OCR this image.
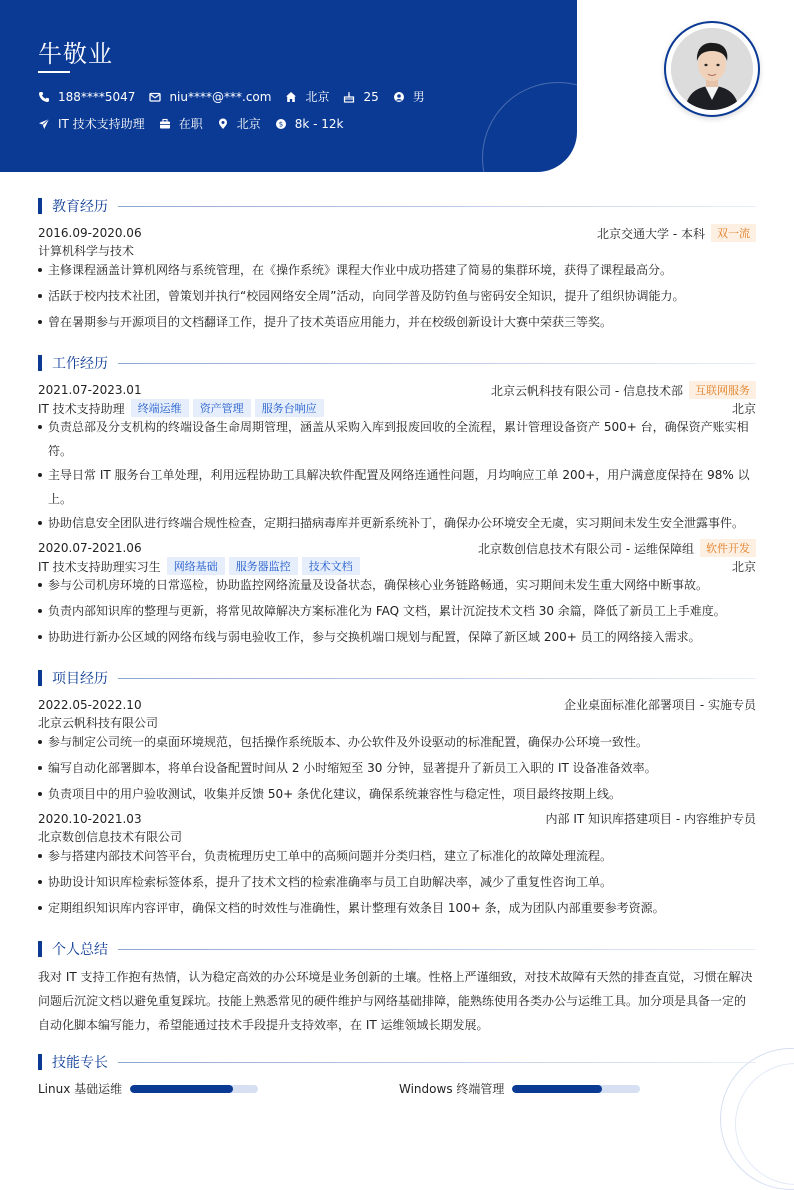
牛敬业
188****5047	niu****@***.com	北京	25	男
IT 技术支持助理	在职	北京	$ 8k - 12k
教育经历
2016.09-2020.06	北京交通大学 - 本科	双一流
计算机科学与技术
主修课程涵盖计算机网络与系统管理，在《操作系统》课程大作业中成功搭建了简易的集群环境，获得了课程最高分。
活跃于校内技术社团，曾策划并执行“校园网络安全周”活动，向同学普及防钓鱼与密码安全知识，提升了组织协调能力。
曾在暑期参与开源项目的文档翻译工作，提升了技术英语应用能力，并在校级创新设计大赛中荣获三等奖。
工作经历
2021.07-2023.01	北京云帆科技有限公司 - 信息技术部	互联网服务
IT 技术支持助理	终端运维	资产管理	服务台响应	北京
负责总部及分支机构的终端设备生命周期管理，涵盖从采购入库到报废回收的全流程，累计管理设备资产 500+ 台，确保资产账实相符。
主导日常 IT 服务台工单处理，利用远程协助工具解决软件配置及网络连通性问题，月均响应工单 200+，用户满意度保持在 98% 以上。
协助信息安全团队进行终端合规性检查，定期扫描病毒库并更新系统补丁，确保办公环境安全无虞，实习期间未发生安全泄露事件。
2020.07-2021.06	北京数创信息技术有限公司 - 运维保障组	软件开发
IT 技术支持助理实习生	网络基础	服务器监控	技术文档	北京
参与公司机房环境的日常巡检，协助监控网络流量及设备状态，确保核心业务链路畅通，实习期间未发生重大网络中断事故。
负责内部知识库的整理与更新，将常见故障解决方案标准化为 FAQ 文档，累计沉淀技术文档 30 余篇，降低了新员工上手难度。
协助进行新办公区域的网络布线与弱电验收工作，参与交换机端口规划与配置，保障了新区域 200+ 员工的网络接入需求。
项目经历
2022.05-2022.10	企业桌面标准化部署项目 - 实施专员
北京云帆科技有限公司
参与制定公司统一的桌面环境规范，包括操作系统版本、办公软件及外设驱动的标准配置，确保办公环境一致性。
编写自动化部署脚本，将单台设备配置时间从 2 小时缩短至 30 分钟，显著提升了新员工入职的 IT 设备准备效率。
负责项目中的用户验收测试，收集并反馈 50+ 条优化建议，确保系统兼容性与稳定性，项目最终按期上线。
2020.10-2021.03	内部 IT 知识库搭建项目 - 内容维护专员
北京数创信息技术有限公司
参与搭建内部技术问答平台，负责梳理历史工单中的高频问题并分类归档，建立了标准化的故障处理流程。
协助设计知识库检索标签体系，提升了技术文档的检索准确率与员工自助解决率，减少了重复性咨询工单。
定期组织知识库内容评审，确保文档的时效性与准确性，累计整理有效条目 100+ 条，成为团队内部重要参考资源。
个人总结
我对 IT 支持工作抱有热情，认为稳定高效的办公环境是业务创新的土壤。性格上严谨细致，对技术故障有天然的排查直觉，习惯在解决问题后沉淀文档以避免重复踩坑。技能上熟悉常见的硬件维护与网络基础排障，能熟练使用各类办公与运维工具。加分项是具备一定的自动化脚本编写能力，希望能通过技术手段提升支持效率，在 IT 运维领域长期发展。
技能专长
Linux 基础运维	Windows 终端管理
